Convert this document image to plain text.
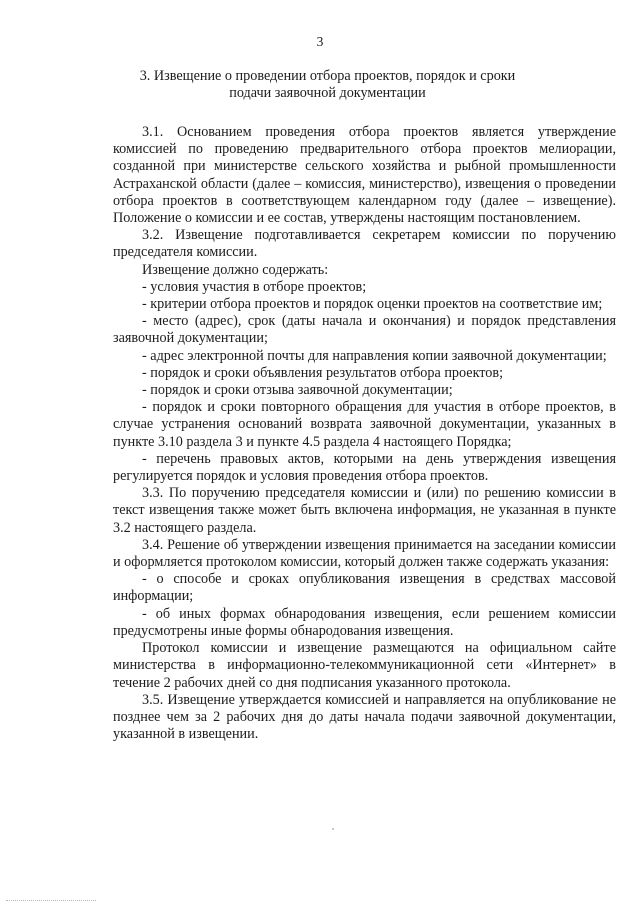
3
3. Извещение о проведении отбора проектов, порядок и сроки подачи заявочной документации

3.1. Основанием проведения отбора проектов является утверждение комиссией по проведению предварительного отбора проектов мелиорации, созданной при министерстве сельского хозяйства и рыбной промышленности Астраханской области (далее – комиссия, министерство), извещения о проведении отбора проектов в соответствующем календарном году (далее – извещение). Положение о комиссии и ее состав, утверждены настоящим постановлением.

3.2. Извещение подготавливается секретарем комиссии по поручению председателя комиссии.

Извещение должно содержать:

- условия участия в отборе проектов;

- критерии отбора проектов и порядок оценки проектов на соответствие им;

- место (адрес), срок (даты начала и окончания) и порядок представления заявочной документации;

- адрес электронной почты для направления копии заявочной документации;

- порядок и сроки объявления результатов отбора проектов;

- порядок и сроки отзыва заявочной документации;

- порядок и сроки повторного обращения для участия в отборе проектов, в случае устранения оснований возврата заявочной документации, указанных в пункте 3.10 раздела 3 и пункте 4.5 раздела 4 настоящего Порядка;

- перечень правовых актов, которыми на день утверждения извещения регулируется порядок и условия проведения отбора проектов.

3.3. По поручению председателя комиссии и (или) по решению комиссии в текст извещения также может быть включена информация, не указанная в пункте 3.2 настоящего раздела.

3.4. Решение об утверждении извещения принимается на заседании комиссии и оформляется протоколом комиссии, который должен также содержать указания:

- о способе и сроках опубликования извещения в средствах массовой информации;

- об иных формах обнародования извещения, если решением комиссии предусмотрены иные формы обнародования извещения.

Протокол комиссии и извещение размещаются на официальном сайте министерства в информационно-телекоммуникационной сети «Интернет» в течение 2 рабочих дней со дня подписания указанного протокола.

3.5. Извещение утверждается комиссией и направляется на опубликование не позднее чем за 2 рабочих дня до даты начала подачи заявочной документации, указанной в извещении.
